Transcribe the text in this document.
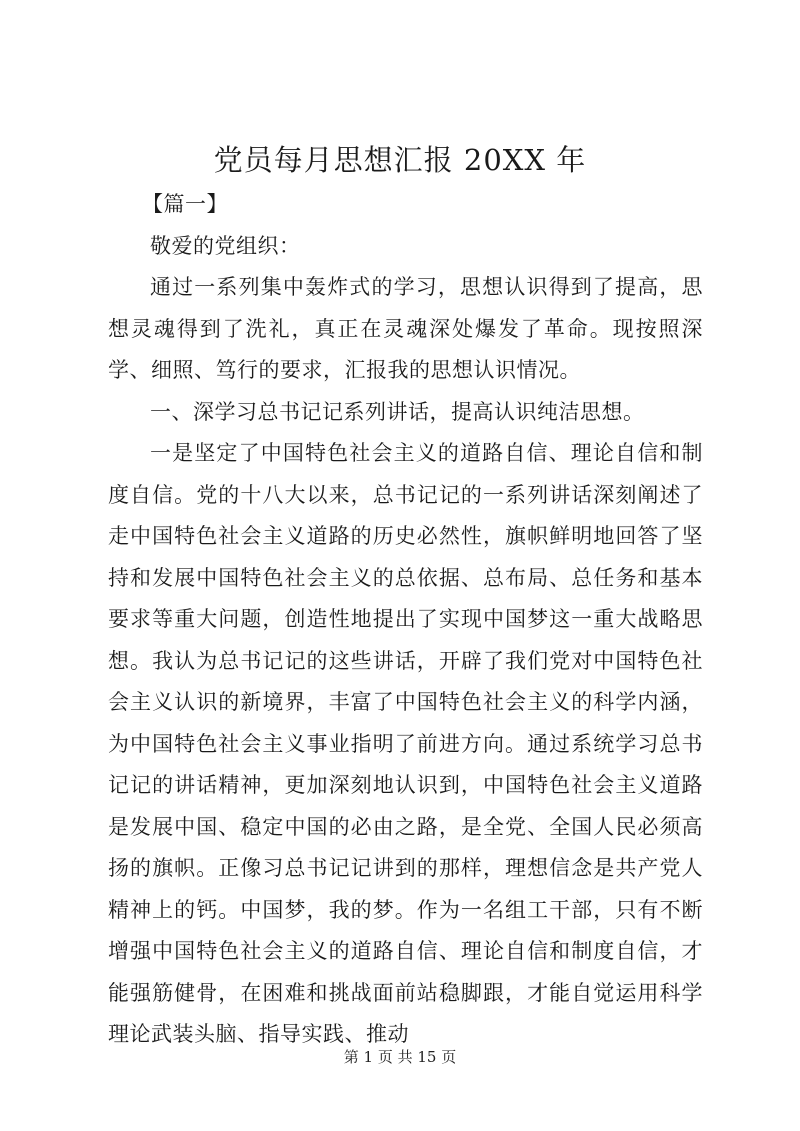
党员每月思想汇报 20XX 年

【篇一】

敬爱的党组织：

通过一系列集中轰炸式的学习，思想认识得到了提高，思想灵魂得到了洗礼，真正在灵魂深处爆发了革命。现按照深学、细照、笃行的要求，汇报我的思想认识情况。

一、深学习总书记记系列讲话，提高认识纯洁思想。

一是坚定了中国特色社会主义的道路自信、理论自信和制度自信。党的十八大以来，总书记记的一系列讲话深刻阐述了走中国特色社会主义道路的历史必然性，旗帜鲜明地回答了坚持和发展中国特色社会主义的总依据、总布局、总任务和基本要求等重大问题，创造性地提出了实现中国梦这一重大战略思想。我认为总书记记的这些讲话，开辟了我们党对中国特色社会主义认识的新境界，丰富了中国特色社会主义的科学内涵，为中国特色社会主义事业指明了前进方向。通过系统学习总书记记的讲话精神，更加深刻地认识到，中国特色社会主义道路是发展中国、稳定中国的必由之路，是全党、全国人民必须高扬的旗帜。正像习总书记记讲到的那样，理想信念是共产党人精神上的钙。中国梦，我的梦。作为一名组工干部，只有不断增强中国特色社会主义的道路自信、理论自信和制度自信，才能强筋健骨，在困难和挑战面前站稳脚跟，才能自觉运用科学理论武装头脑、指导实践、推动

第 1 页 共 15 页
